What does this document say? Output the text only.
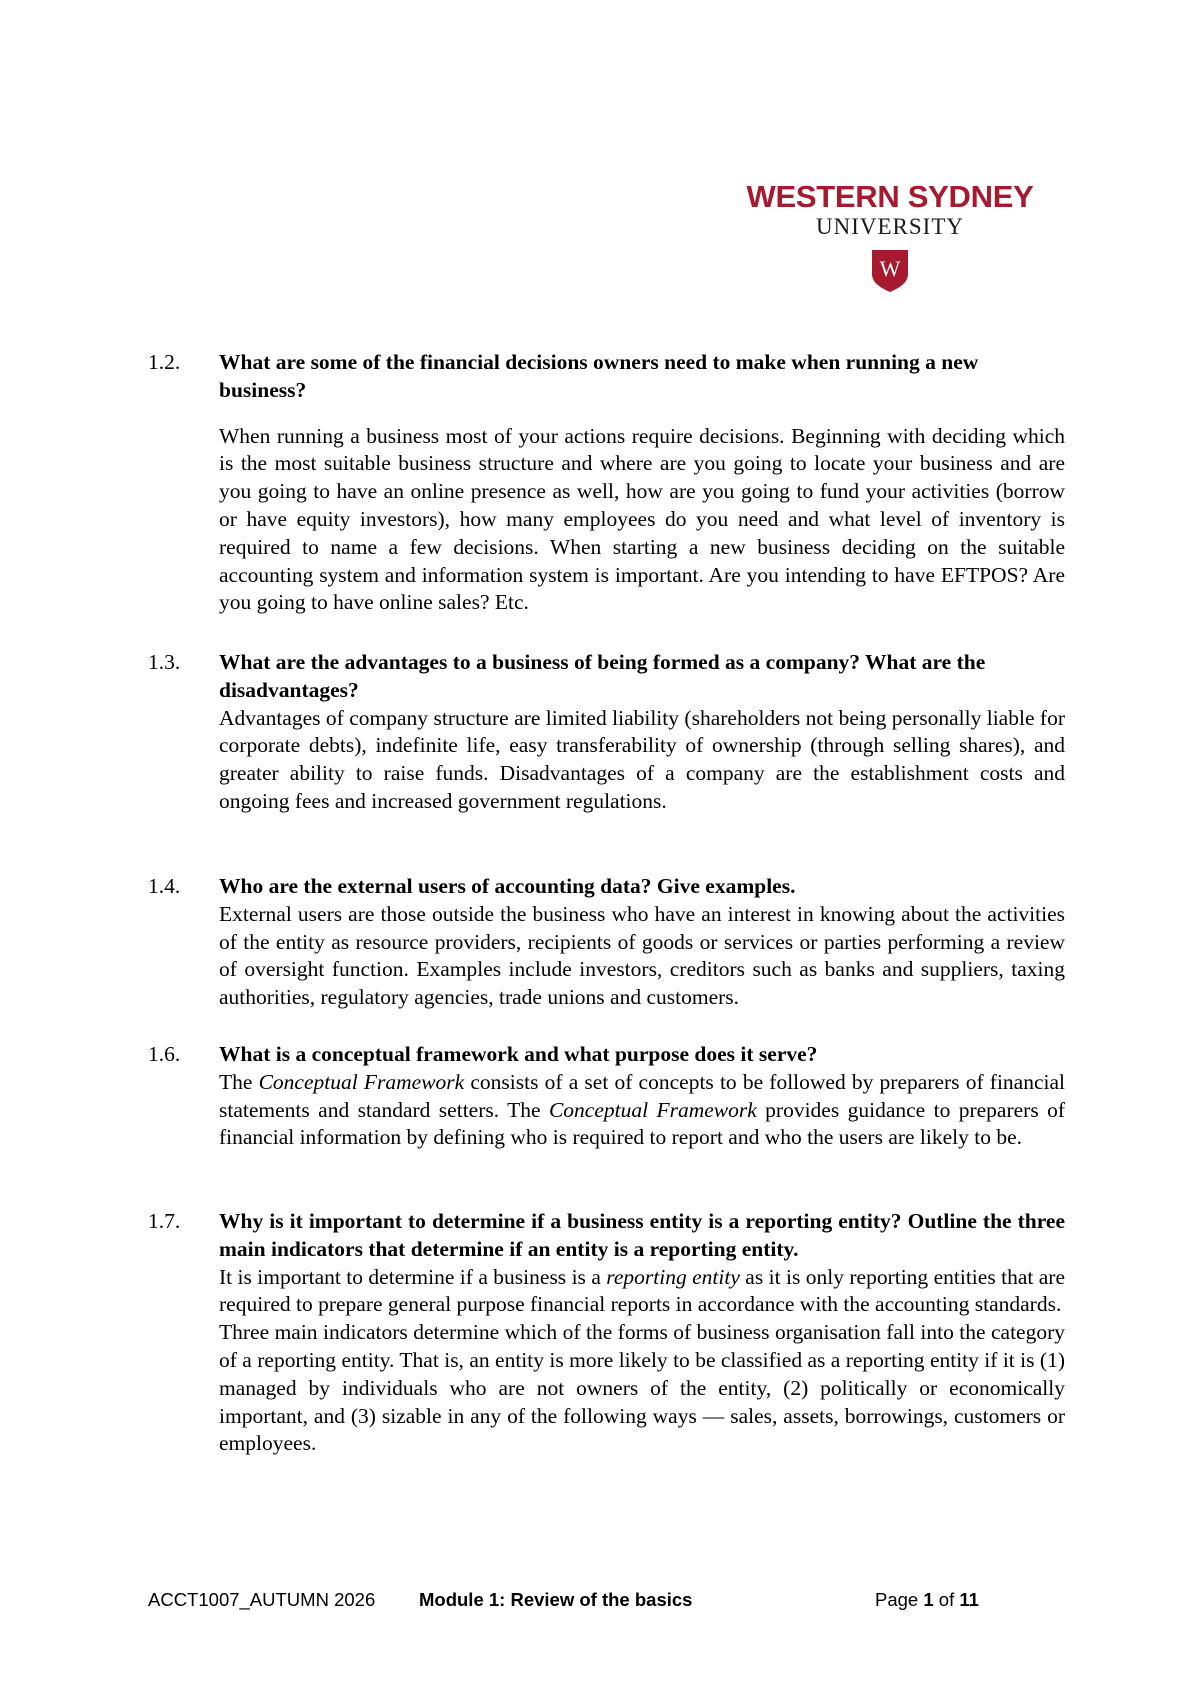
WESTERN SYDNEY
UNIVERSITY
W
1.2. What are some of the financial decisions owners need to make when running a new business?

When running a business most of your actions require decisions. Beginning with deciding which is the most suitable business structure and where are you going to locate your business and are you going to have an online presence as well, how are you going to fund your activities (borrow or have equity investors), how many employees do you need and what level of inventory is required to name a few decisions. When starting a new business deciding on the suitable accounting system and information system is important. Are you intending to have EFTPOS? Are you going to have online sales? Etc.

1.3. What are the advantages to a business of being formed as a company? What are the disadvantages?

Advantages of company structure are limited liability (shareholders not being personally liable for corporate debts), indefinite life, easy transferability of ownership (through selling shares), and greater ability to raise funds. Disadvantages of a company are the establishment costs and ongoing fees and increased government regulations.

1.4. Who are the external users of accounting data? Give examples.

External users are those outside the business who have an interest in knowing about the activities of the entity as resource providers, recipients of goods or services or parties performing a review of oversight function. Examples include investors, creditors such as banks and suppliers, taxing authorities, regulatory agencies, trade unions and customers.

1.6. What is a conceptual framework and what purpose does it serve?

The Conceptual Framework consists of a set of concepts to be followed by preparers of financial statements and standard setters. The Conceptual Framework provides guidance to preparers of financial information by defining who is required to report and who the users are likely to be.

1.7. Why is it important to determine if a business entity is a reporting entity? Outline the three main indicators that determine if an entity is a reporting entity.

It is important to determine if a business is a reporting entity as it is only reporting entities that are required to prepare general purpose financial reports in accordance with the accounting standards.

Three main indicators determine which of the forms of business organisation fall into the category of a reporting entity. That is, an entity is more likely to be classified as a reporting entity if it is (1) managed by individuals who are not owners of the entity, (2) politically or economically important, and (3) sizable in any of the following ways — sales, assets, borrowings, customers or employees.

ACCT1007_AUTUMN 2026 Module 1: Review of the basics	Page 1 of 11
